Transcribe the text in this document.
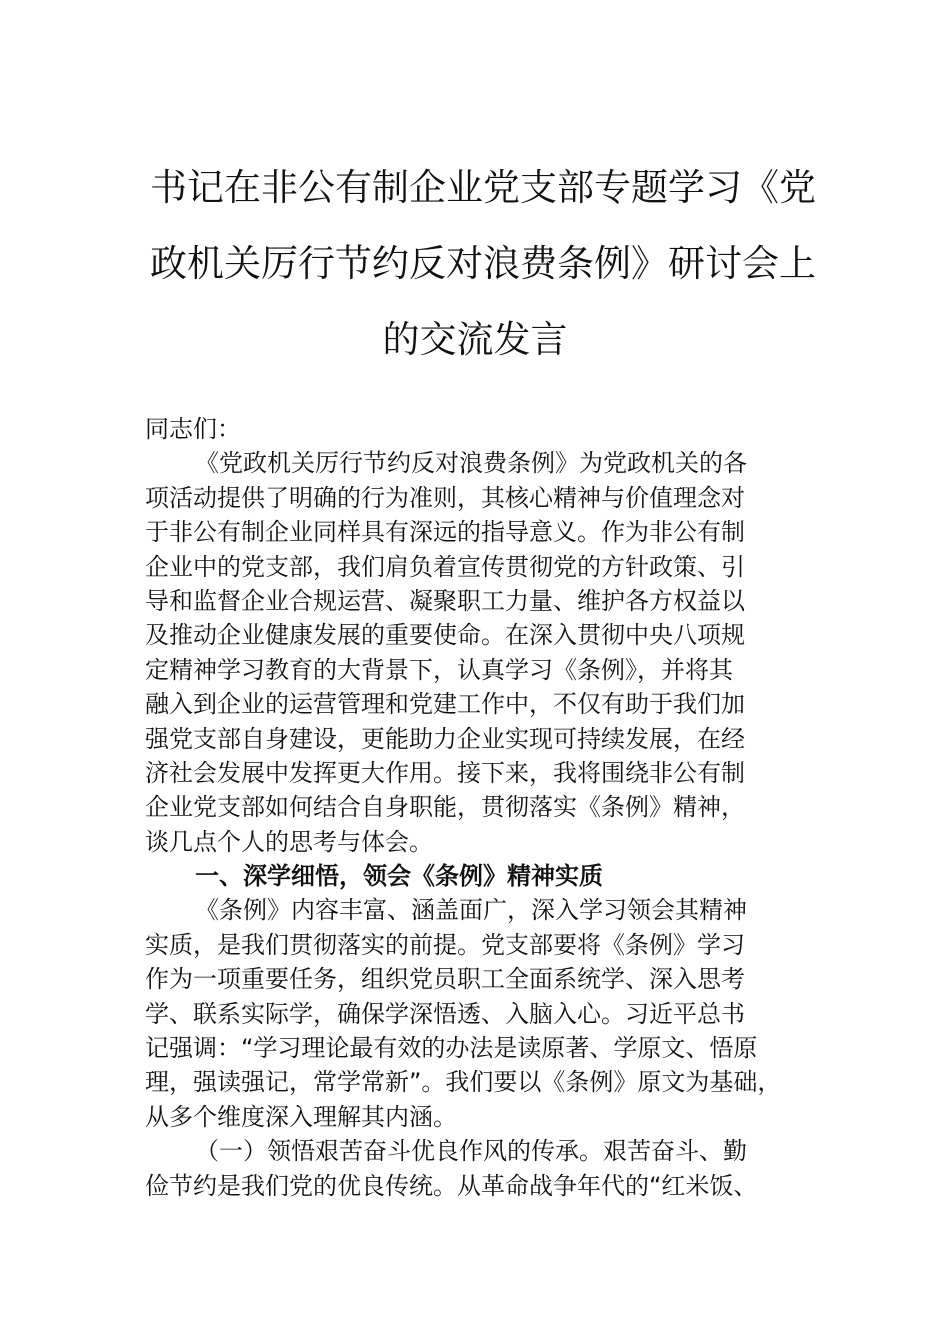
书记在非公有制企业党支部专题学习《党
政机关厉行节约反对浪费条例》研讨会上
的交流发言
同志们：
《党政机关厉行节约反对浪费条例》为党政机关的各
项活动提供了明确的行为准则，其核心精神与价值理念对
于非公有制企业同样具有深远的指导意义。作为非公有制
企业中的党支部，我们肩负着宣传贯彻党的方针政策、引
导和监督企业合规运营、凝聚职工力量、维护各方权益以
及推动企业健康发展的重要使命。在深入贯彻中央八项规
定精神学习教育的大背景下，认真学习《条例》，并将其
融入到企业的运营管理和党建工作中，不仅有助于我们加
强党支部自身建设，更能助力企业实现可持续发展，在经
济社会发展中发挥更大作用。接下来，我将围绕非公有制
企业党支部如何结合自身职能，贯彻落实《条例》精神，
谈几点个人的思考与体会。
一、深学细悟，领会《条例》精神实质
《条例》内容丰富、涵盖面广，深入学习领会其精神
实质，是我们贯彻落实的前提。党支部要将《条例》学习
作为一项重要任务，组织党员职工全面系统学、深入思考
学、联系实际学，确保学深悟透、入脑入心。习近平总书
记强调：“学习理论最有效的办法是读原著、学原文、悟原
理，强读强记，常学常新”。我们要以《条例》原文为基础，
从多个维度深入理解其内涵。
（一）领悟艰苦奋斗优良作风的传承。艰苦奋斗、勤
俭节约是我们党的优良传统。从革命战争年代的“红米饭、
